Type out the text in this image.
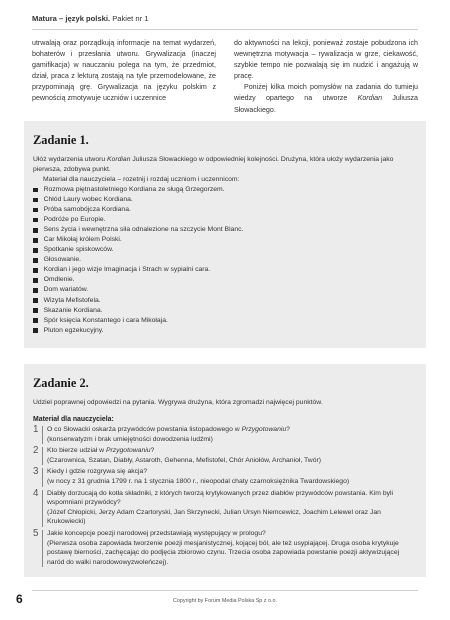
Matura – język polski. Pakiet nr 1

utrwalają oraz porządkują informacje na temat wydarzeń, bohaterów i przesłania utworu. Grywalizacja (inaczej gamifikacja) w nauczaniu polega na tym, że przedmiot, dział, praca z lekturą zostają na tyle przemodelowane, że przypominają grę. Grywalizacja na języku polskim z pewnością zmotywuje uczniów i uczennice

do aktywności na lekcji, ponieważ zostaje pobudzona ich wewnętrzna motywacja – rywalizacja w grze, ciekawość, szybkie tempo nie pozwalają się im nudzić i angażują w pracę.

Poniżej kilka moich pomysłów na zadania do tumieju wiedzy opartego na utworze Kordian Juliusza Słowackiego.

Zadanie 1.

Ułóż wydarzenia utworu Kordian Juliusza Słowackiego w odpowiedniej kolejności. Drużyna, która ułoży wydarzenia jako pierwsza, zdobywa punkt.

Materiał dla nauczyciela – rozetnij i rozdaj uczniom i uczennicom:

Rozmowa piętnastoletniego Kordiana ze sługą Grzegorzem.
Chłód Laury wobec Kordiana.
Próba samobójcza Kordiana.
Podróże po Europie.
Sens życia i wewnętrzna siła odnalezione na szczycie Mont Blanc.
Car Mikołaj królem Polski.
Spotkanie spiskowców.
Głosowanie.
Kordian i jego wizje Imaginacja i Strach w sypialni cara.
Omdlenie.
Dom wariatów.
Wizyta Mefistofela.
Skazanie Kordiana.
Spór księcia Konstantego i cara Mikołaja.
Pluton egzekucyjny.
Zadanie 2.

Udziel poprawnej odpowiedzi na pytania. Wygrywa drużyna, która zgromadzi najwięcej punktów.

Materiał dla nauczyciela:
1	O co Słowacki oskarża przywódców powstania listopadowego w Przygotowaniu?
(konserwatyzm i brak umiejętności dowodzenia ludźmi)
2	Kto bierze udział w Przygotowaniu?
(Czarownica, Szatan, Diabły, Astaroth, Gehenna, Mefistofel, Chór Aniołów, Archanioł, Twór)
3	Kiedy i gdzie rozgrywa się akcja?
(w nocy z 31 grudnia 1799 r. na 1 stycznia 1800 r., nieopodal chaty czarnoksiężnika Twardowskiego)
4	Diabły dorzucają do kotła składniki, z których tworzą krytykowanych przez diabłów przywódców powstania. Kim byli wspomniani przywódcy?
(Józef Chłopicki, Jerzy Adam Czartoryski, Jan Skrzynecki, Julian Ursyn Niemcewicz, Joachim Lelewel oraz Jan Krukowiecki)
5	Jakie koncepcje poezji narodowej przedstawiają występujący w prologu?
(Pierwsza osoba zapowiada tworzenie poezji mesjanistycznej, kojącej ból, ale też usypiającej. Druga osoba krytykuje postawę bierności, zachęcając do podjęcia zbiorowo czynu. Trzecia osoba zapowiada powstanie poezji aktywizującej naród do walki narodowowyzwoleńczej).
6	Copyright by Forum Media Polska Sp z o.o.
